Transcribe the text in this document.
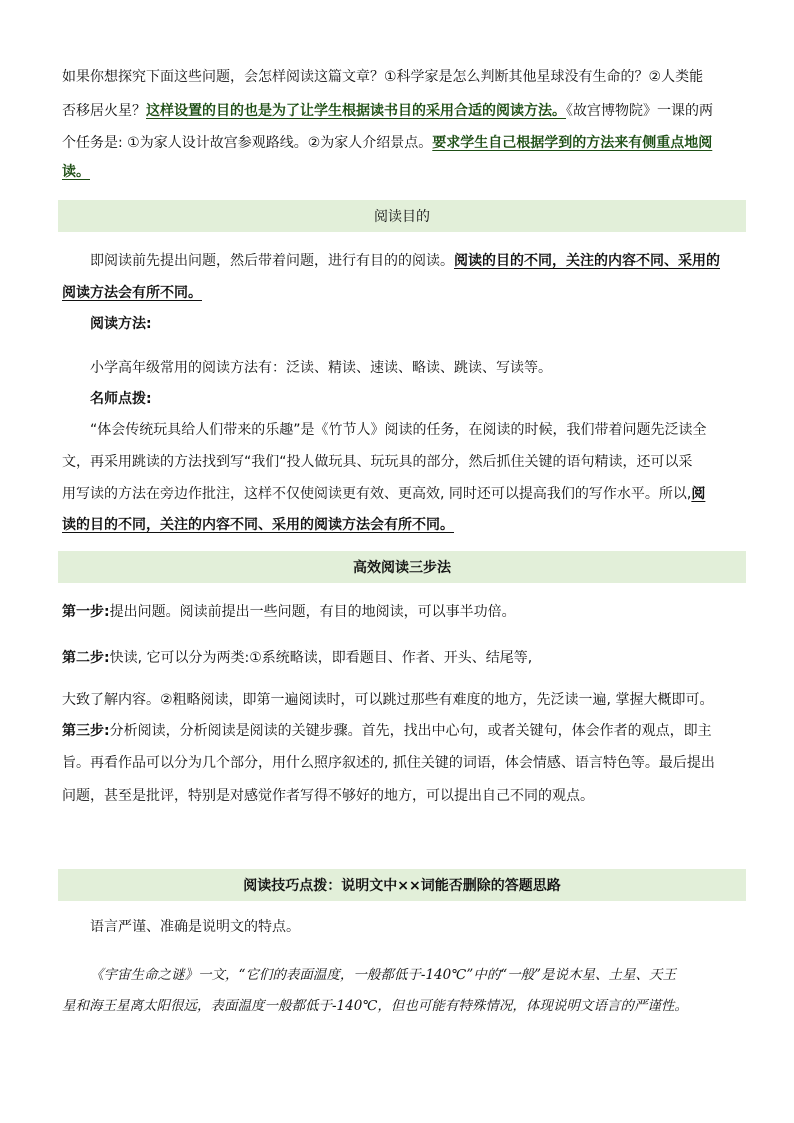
如果你想探究下面这些问题，会怎样阅读这篇文章？①科学家是怎么判断其他星球没有生命的？②人类能
否移居火星？这样设置的目的也是为了让学生根据读书目的采用合适的阅读方法。《故宫博物院》一课的两
个任务是: ①为家人设计故宫参观路线。②为家人介绍景点。要求学生自己根据学到的方法来有侧重点地阅
读。
阅读目的
即阅读前先提出问题，然后带着问题，进行有目的的阅读。阅读的目的不同，关注的内容不同、采用的
阅读方法会有所不同。
阅读方法:
小学高年级常用的阅读方法有：泛读、精读、速读、略读、跳读、写读等。
名师点拨:
“体会传统玩具给人们带来的乐趣”是《竹节人》阅读的任务，在阅读的时候，我们带着问题先泛读全
文，再采用跳读的方法找到写“我们“投人做玩具、玩玩具的部分，然后抓住关键的语句精读，还可以采
用写读的方法在旁边作批注，这样不仅使阅读更有效、更高效, 同时还可以提高我们的写作水平。所以,阅
读的目的不同，关注的内容不同、采用的阅读方法会有所不同。
高效阅读三步法
第一步:提出问题。阅读前提出一些问题，有目的地阅读，可以事半功倍。
第二步:快读, 它可以分为两类:①系统略读，即看题目、作者、开头、结尾等,
大致了解内容。②粗略阅读，即第一遍阅读时，可以跳过那些有难度的地方，先泛读一遍, 掌握大概即可。
第三步:分析阅读，分析阅读是阅读的关键步骤。首先，找出中心句，或者关键句，体会作者的观点，即主
旨。再看作品可以分为几个部分，用什么照序叙述的, 抓住关键的词语，体会情感、语言特色等。最后提出
问题，甚至是批评，特别是对感觉作者写得不够好的地方，可以提出自己不同的观点。
阅读技巧点拨：说明文中××词能否删除的答题思路
语言严谨、准确是说明文的特点。
《宇宙生命之谜》一文，“它们的表面温度，一般都低于-140℃”中的“一般”是说木星、土星、天王
星和海王星离太阳很远，表面温度一般都低于-140℃，但也可能有特殊情况，体现说明文语言的严谨性。
